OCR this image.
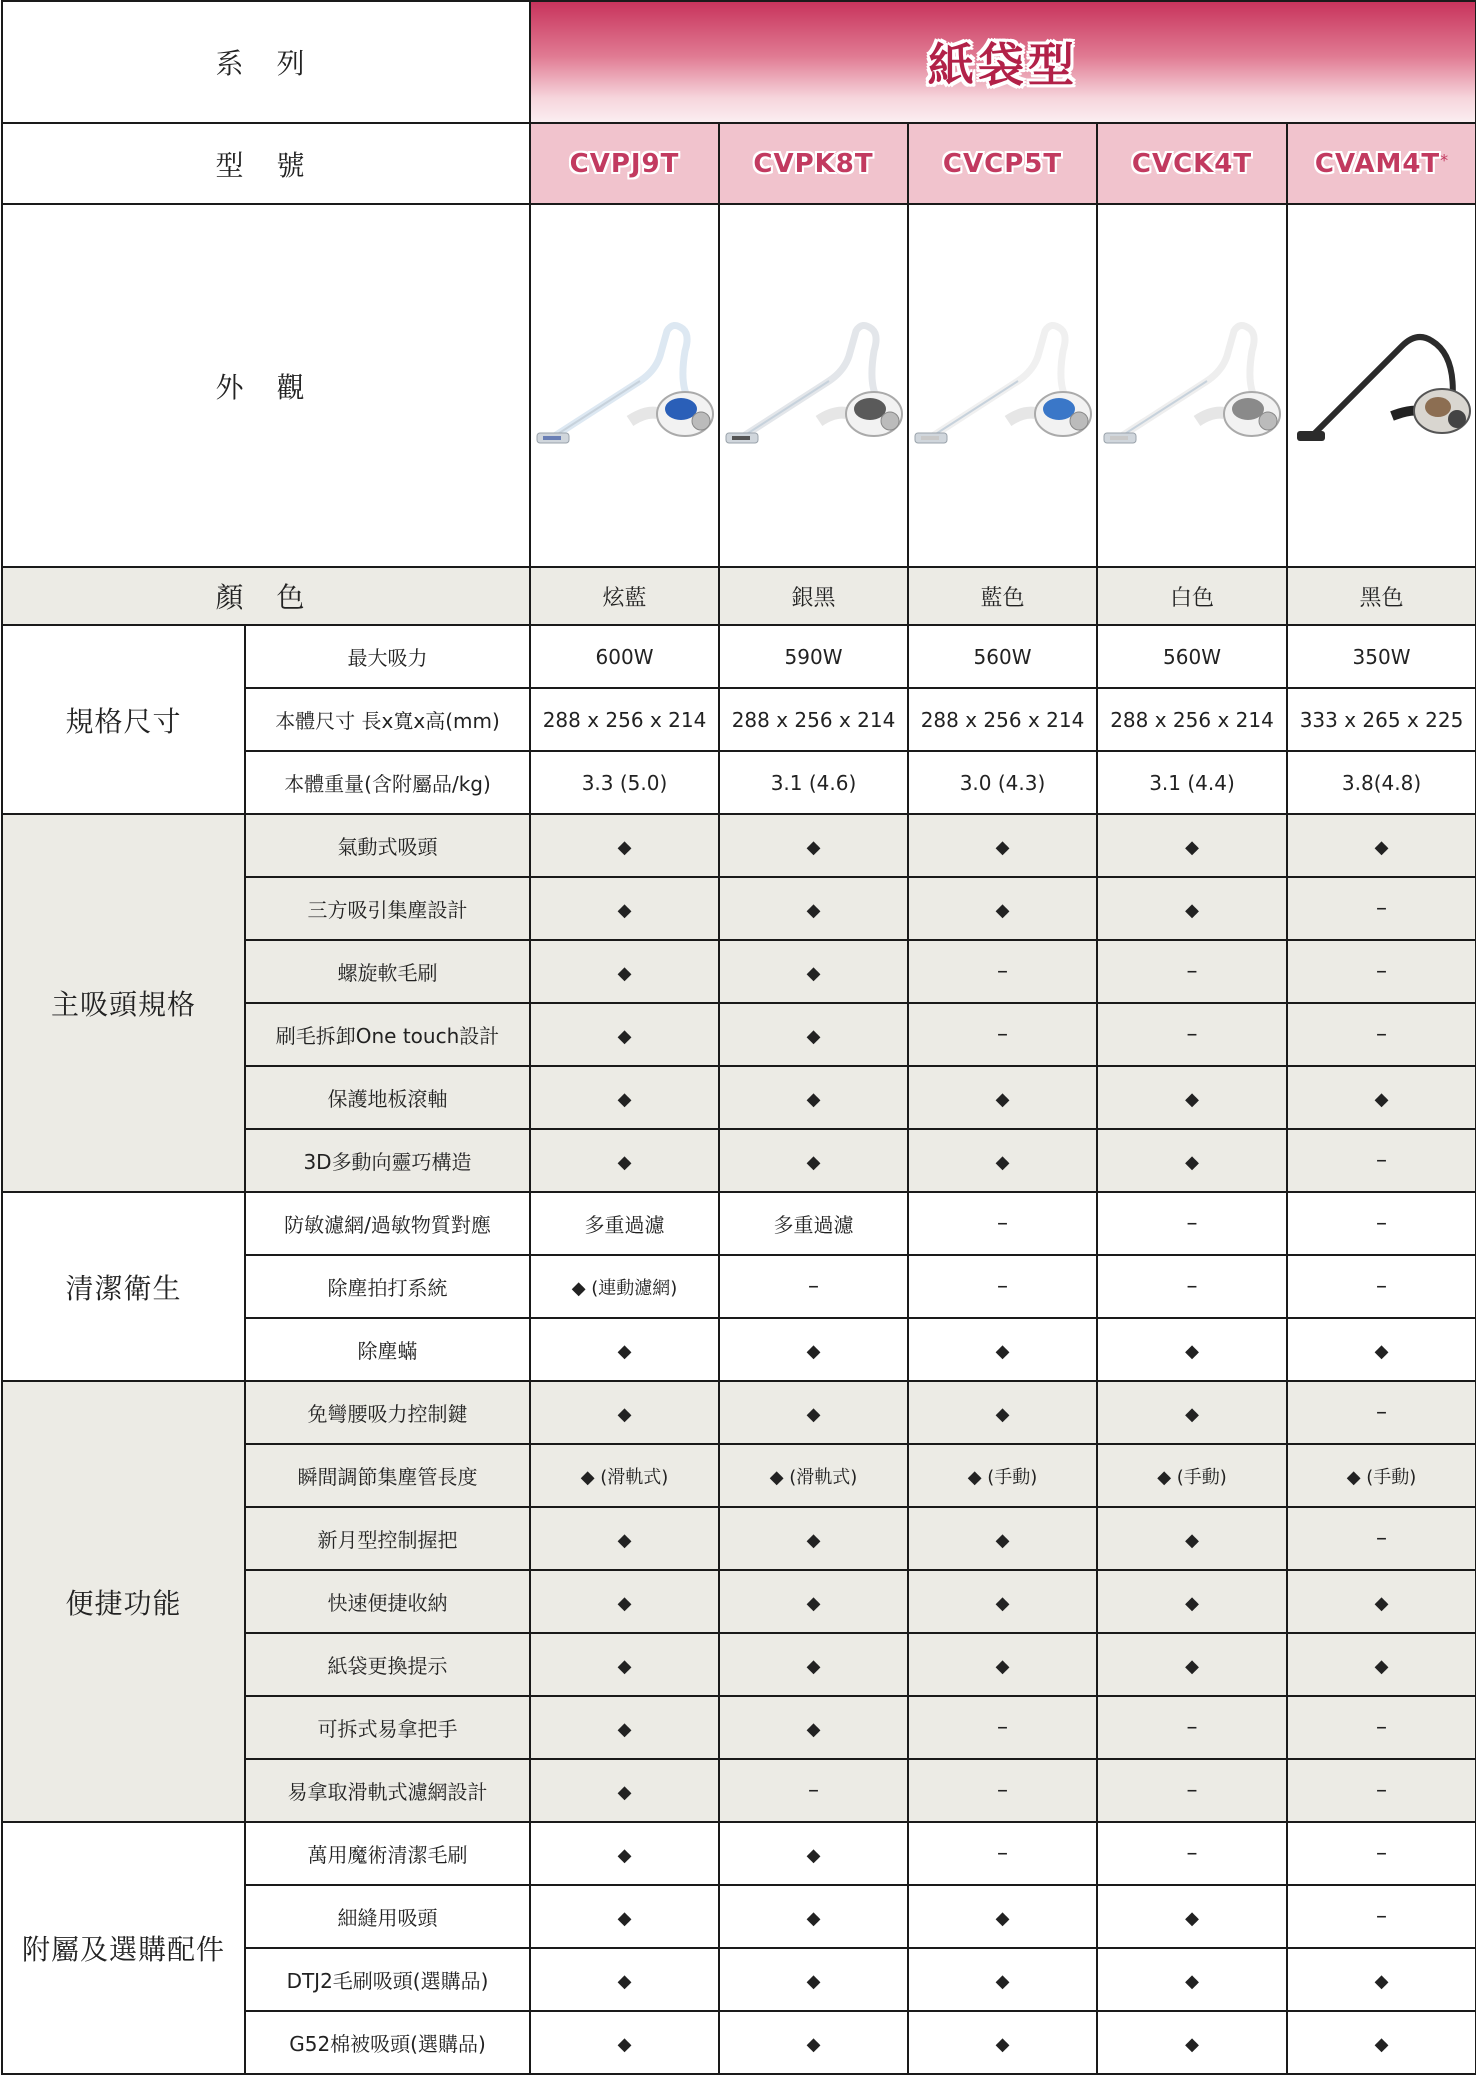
系 列		紙袋型				
型 號		CVPJ9T	CVPK8T	CVCP5T	CVCK4T	CVAM4T*
外 觀	

顏 色		炫藍	銀黑	藍色	白色	黑色
規格尺寸	最大吸力	600W	590W	560W	560W	350W
	本體尺寸 長x寬x高(mm)	288 x 256 x 214	288 x 256 x 214	288 x 256 x 214	288 x 256 x 214	333 x 265 x 225
	本體重量(含附屬品/kg)	3.3 (5.0)	3.1 (4.6)	3.0 (4.3)	3.1 (4.4)	3.8(4.8)
主吸頭規格	氣動式吸頭	◆	◆	◆	◆	◆
	三方吸引集塵設計	◆	◆	◆	◆	–
	螺旋軟毛刷	◆	◆	–	–	–
	刷毛拆卸One touch設計	◆	◆	–	–	–
	保護地板滾軸	◆	◆	◆	◆	◆
	3D多動向靈巧構造	◆	◆	◆	◆	–
清潔衛生	防敏濾網/過敏物質對應	多重過濾	多重過濾	–	–	–
	除塵拍打系統	◆ (連動濾網)	–	–	–	–
	除塵蟎	◆	◆	◆	◆	◆
便捷功能	免彎腰吸力控制鍵	◆	◆	◆	◆	–
	瞬間調節集塵管長度	◆ (滑軌式)	◆ (滑軌式)	◆ (手動)	◆ (手動)	◆ (手動)
	新月型控制握把	◆	◆	◆	◆	–
	快速便捷收納	◆	◆	◆	◆	◆
	紙袋更換提示	◆	◆	◆	◆	◆
	可拆式易拿把手	◆	◆	–	–	–
	易拿取滑軌式濾網設計	◆	–	–	–	–
附屬及選購配件	萬用魔術清潔毛刷	◆	◆	–	–	–
	細縫用吸頭	◆	◆	◆	◆	–
	DTJ2毛刷吸頭(選購品)	◆	◆	◆	◆	◆
	G52棉被吸頭(選購品)	◆	◆	◆	◆	◆
